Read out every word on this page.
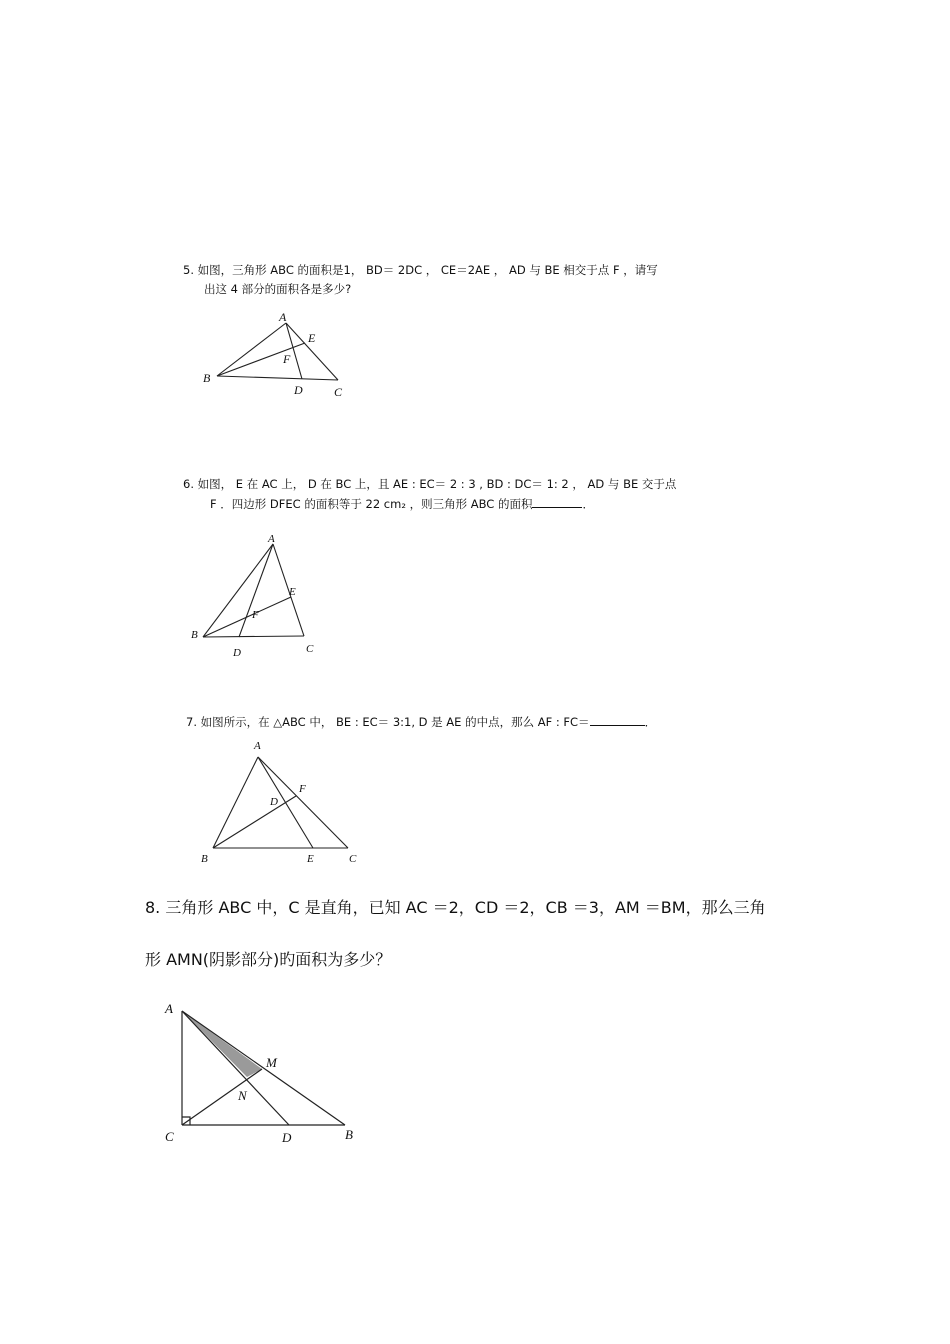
5. 如图，三角形 ABC 的面积是1， BD＝ 2DC ， CE＝2AE ， AD 与 BE 相交于点 F ，请写
出这 4 部分的面积各是多少?
A
B
C
D
E
F
6. 如图， E 在 AC 上， D 在 BC 上，且 AE : EC＝ 2 : 3 , BD : DC＝ 1: 2 ， AD 与 BE 交于点
F ．四边形 DFEC 的面积等于 22 cm₂ ，则三角形 ABC 的面积	．
A
B
C
D
E
F
7. 如图所示，在 △ABC 中， BE : EC＝ 3:1, D 是 AE 的中点，那么 AF : FC＝	．
A
B	C
D
E
F
8. 三角形 ABC 中，C 是直角，已知 AC ＝2，CD ＝2，CB ＝3，AM ＝BM，那么三角
形 AMN(阴影部分)旳面积为多少？
A
C	D	B
M
N
